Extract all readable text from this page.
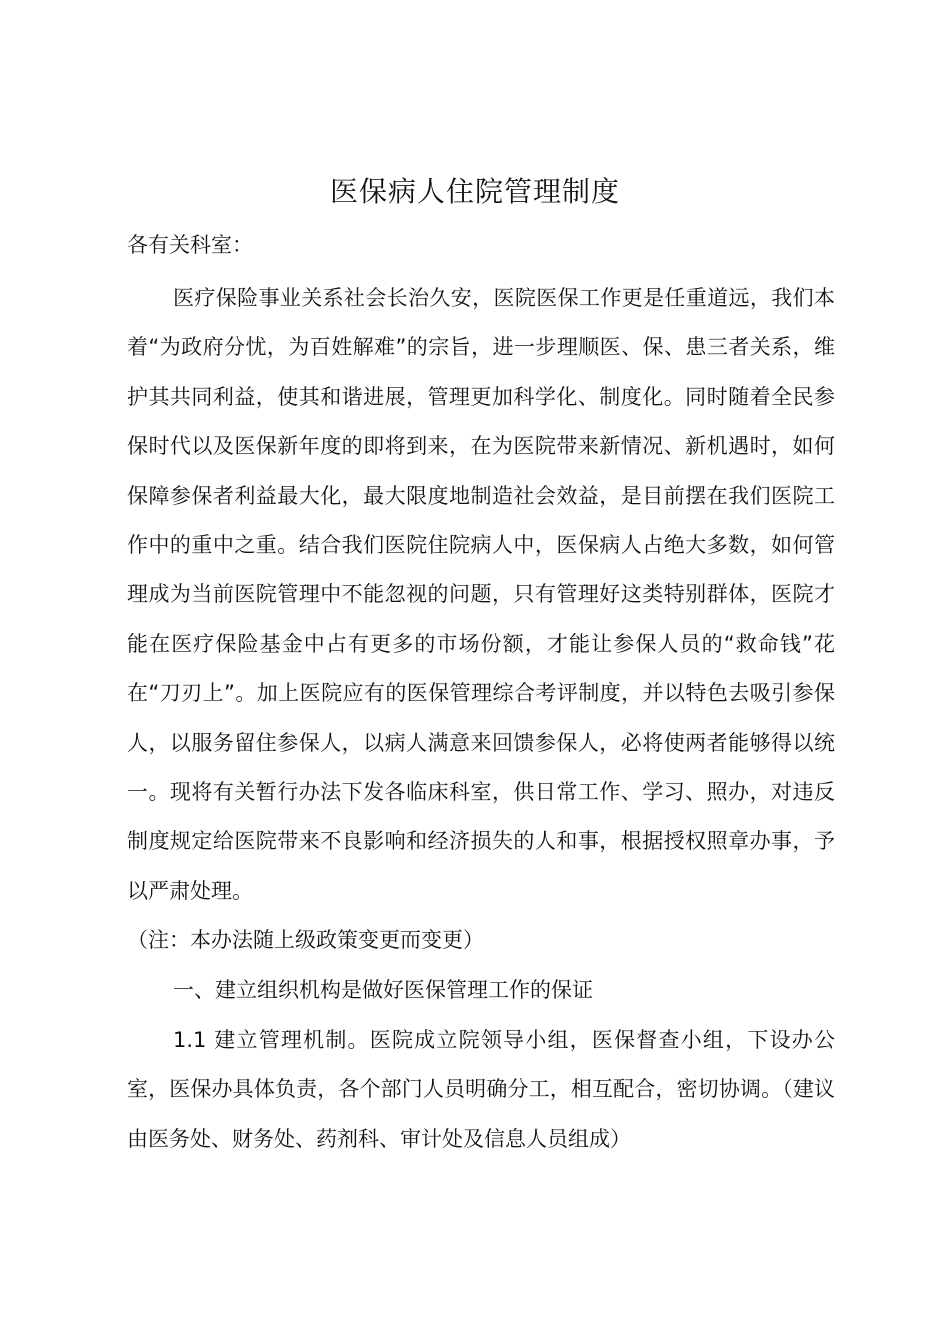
医保病人住院管理制度
各有关科室：

医疗保险事业关系社会长治久安，医院医保工作更是任重道远，我们本着“为政府分忧，为百姓解难”的宗旨，进一步理顺医、保、患三者关系，维护其共同利益，使其和谐进展，管理更加科学化、制度化。同时随着全民参保时代以及医保新年度的即将到来，在为医院带来新情况、新机遇时，如何保障参保者利益最大化，最大限度地制造社会效益，是目前摆在我们医院工作中的重中之重。结合我们医院住院病人中，医保病人占绝大多数，如何管理成为当前医院管理中不能忽视的问题，只有管理好这类特别群体，医院才能在医疗保险基金中占有更多的市场份额，才能让参保人员的“救命钱”花在“刀刃上”。加上医院应有的医保管理综合考评制度，并以特色去吸引参保人，以服务留住参保人，以病人满意来回馈参保人，必将使两者能够得以统一。现将有关暂行办法下发各临床科室，供日常工作、学习、照办，对违反制度规定给医院带来不良影响和经济损失的人和事，根据授权照章办事，予以严肃处理。

（注：本办法随上级政策变更而变更）

一、建立组织机构是做好医保管理工作的保证

1.1 建立管理机制。医院成立院领导小组，医保督查小组，下设办公室，医保办具体负责，各个部门人员明确分工，相互配合，密切协调。（建议由医务处、财务处、药剂科、审计处及信息人员组成）
